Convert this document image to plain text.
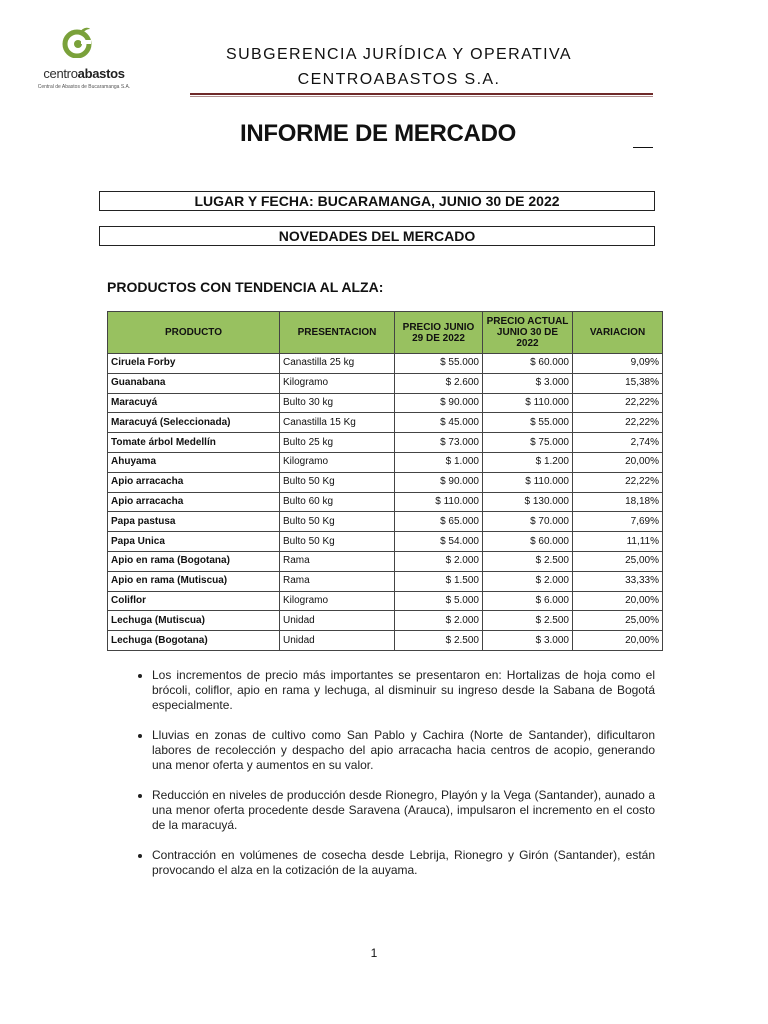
centroabastos
Central de Abastos de Bucaramanga S.A.
SUBGERENCIA JURÍDICA Y OPERATIVA
CENTROABASTOS S.A.
INFORME DE MERCADO
LUGAR Y FECHA: BUCARAMANGA, JUNIO 30 DE 2022
NOVEDADES DEL MERCADO
PRODUCTOS CON TENDENCIA AL ALZA:
PRODUCTO	PRESENTACION	PRECIO JUNIO 29 DE 2022	PRECIO ACTUAL JUNIO 30 DE 2022	VARIACION
Ciruela Forby	Canastilla 25 kg	$ 55.000	$ 60.000	9,09%
Guanabana	Kilogramo	$ 2.600	$ 3.000	15,38%
Maracuyá	Bulto 30 kg	$ 90.000	$ 110.000	22,22%
Maracuyá (Seleccionada)	Canastilla 15 Kg	$ 45.000	$ 55.000	22,22%
Tomate árbol Medellín	Bulto 25 kg	$ 73.000	$ 75.000	2,74%
Ahuyama	Kilogramo	$ 1.000	$ 1.200	20,00%
Apio arracacha	Bulto 50 Kg	$ 90.000	$ 110.000	22,22%
Apio arracacha	Bulto 60 kg	$ 110.000	$ 130.000	18,18%
Papa pastusa	Bulto 50 Kg	$ 65.000	$ 70.000	7,69%
Papa Unica	Bulto 50 Kg	$ 54.000	$ 60.000	11,11%
Apio en rama (Bogotana)	Rama	$ 2.000	$ 2.500	25,00%
Apio en rama (Mutiscua)	Rama	$ 1.500	$ 2.000	33,33%
Coliflor	Kilogramo	$ 5.000	$ 6.000	20,00%
Lechuga (Mutiscua)	Unidad	$ 2.000	$ 2.500	25,00%
Lechuga (Bogotana)	Unidad	$ 2.500	$ 3.000	20,00%
• Los incrementos de precio más importantes se presentaron en: Hortalizas de hoja como el brócoli, coliflor, apio en rama y lechuga, al disminuir su ingreso desde la Sabana de Bogotá especialmente.
• Lluvias en zonas de cultivo como San Pablo y Cachira (Norte de Santander), dificultaron labores de recolección y despacho del apio arracacha hacia centros de acopio, generando una menor oferta y aumentos en su valor.
• Reducción en niveles de producción desde Rionegro, Playón y la Vega (Santander), aunado a una menor oferta procedente desde Saravena (Arauca), impulsaron el incremento en el costo de la maracuyá.
• Contracción en volúmenes de cosecha desde Lebrija, Rionegro y Girón (Santander), están provocando el alza en la cotización de la auyama.
1
